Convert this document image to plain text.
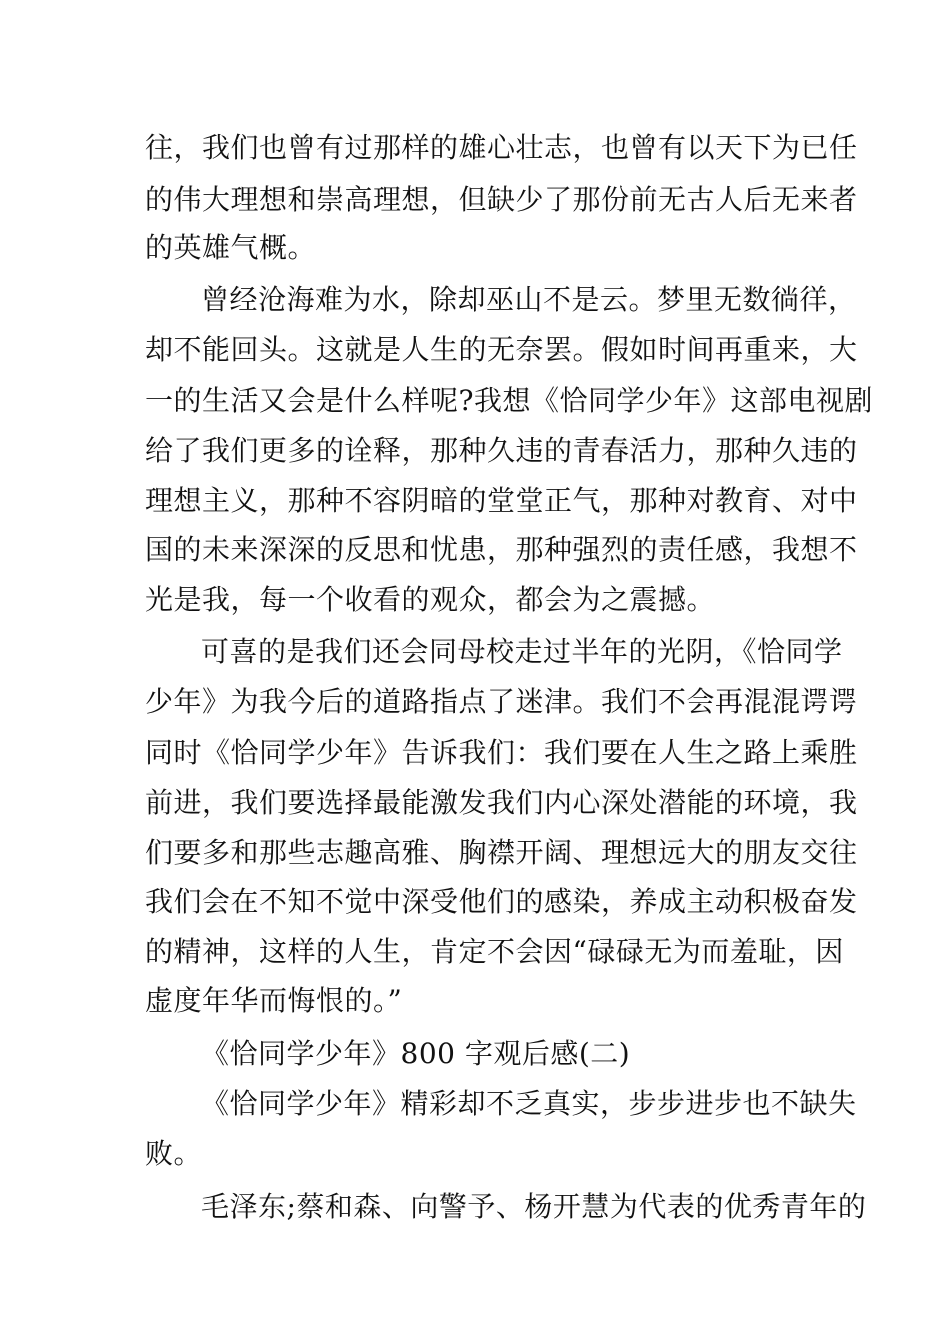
往，我们也曾有过那样的雄心壮志，也曾有以天下为已任
的伟大理想和崇高理想，但缺少了那份前无古人后无来者
的英雄气概。
曾经沧海难为水，除却巫山不是云。梦里无数徜徉，
却不能回头。这就是人生的无奈罢。假如时间再重来，大
一的生活又会是什么样呢?我想《恰同学少年》这部电视剧
给了我们更多的诠释，那种久违的青春活力，那种久违的
理想主义，那种不容阴暗的堂堂正气，那种对教育、对中
国的未来深深的反思和忧患，那种强烈的责任感，我想不
光是我，每一个收看的观众，都会为之震撼。
可喜的是我们还会同母校走过半年的光阴，《恰同学
少年》为我今后的道路指点了迷津。我们不会再混混谔谔
同时《恰同学少年》告诉我们：我们要在人生之路上乘胜
前进，我们要选择最能激发我们内心深处潜能的环境，我
们要多和那些志趣高雅、胸襟开阔、理想远大的朋友交往
我们会在不知不觉中深受他们的感染，养成主动积极奋发
的精神，这样的人生，肯定不会因“碌碌无为而羞耻，因
虚度年华而悔恨的。”
《恰同学少年》800 字观后感(二)
《恰同学少年》精彩却不乏真实，步步进步也不缺失
败。
毛泽东;蔡和森、向警予、杨开慧为代表的优秀青年的
